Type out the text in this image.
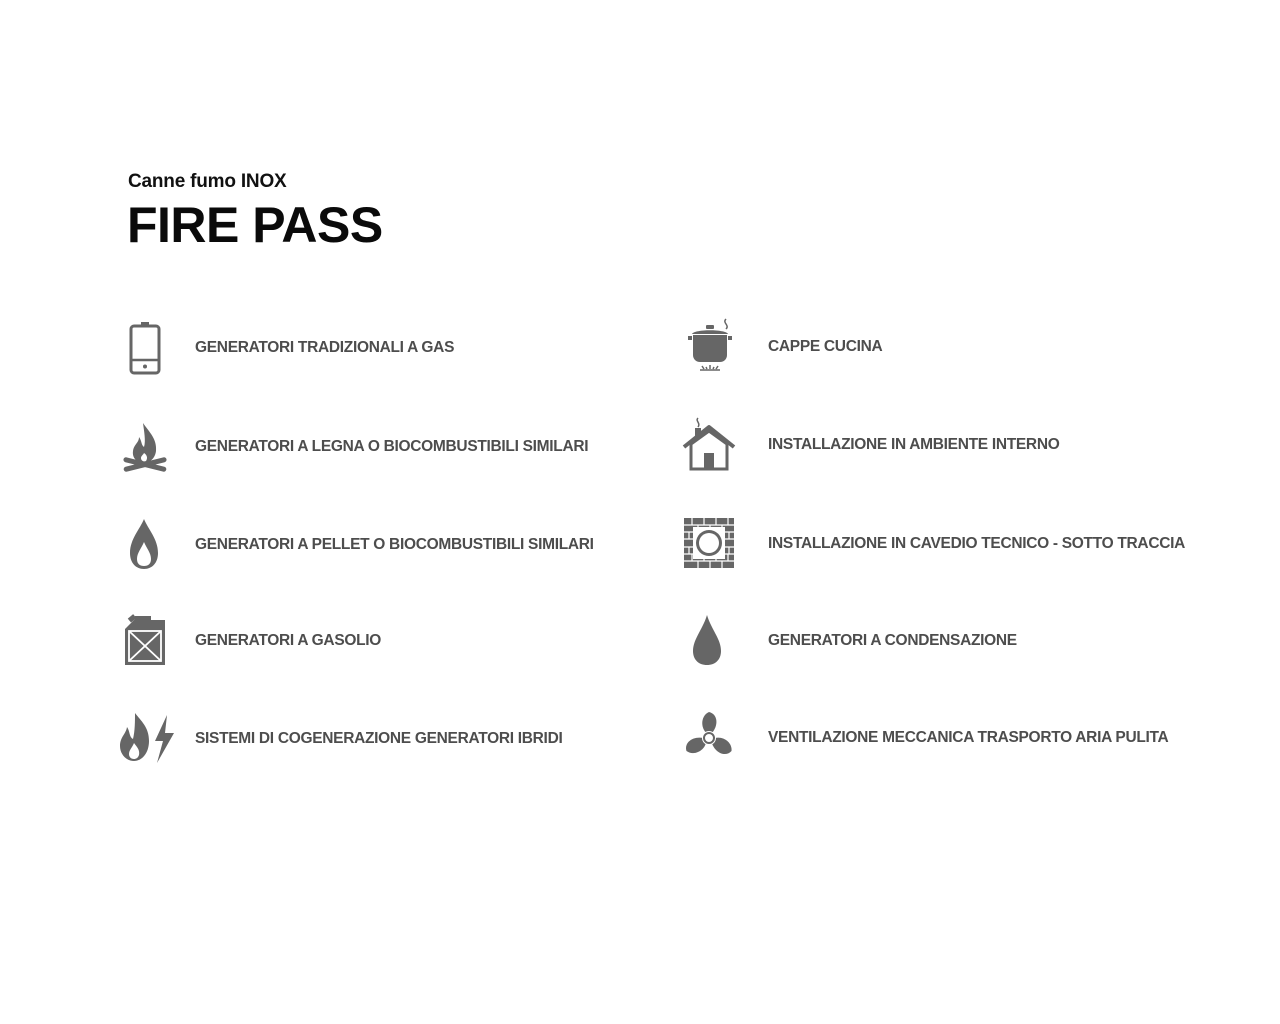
Canne fumo INOX
FIRE PASS
GENERATORI TRADIZIONALI A GAS
GENERATORI A LEGNA O BIOCOMBUSTIBILI SIMILARI
GENERATORI A PELLET O BIOCOMBUSTIBILI SIMILARI
GENERATORI A GASOLIO
SISTEMI DI COGENERAZIONE GENERATORI IBRIDI
CAPPE CUCINA
INSTALLAZIONE IN AMBIENTE INTERNO
INSTALLAZIONE IN CAVEDIO TECNICO - SOTTO TRACCIA
GENERATORI A CONDENSAZIONE
VENTILAZIONE MECCANICA TRASPORTO ARIA PULITA
